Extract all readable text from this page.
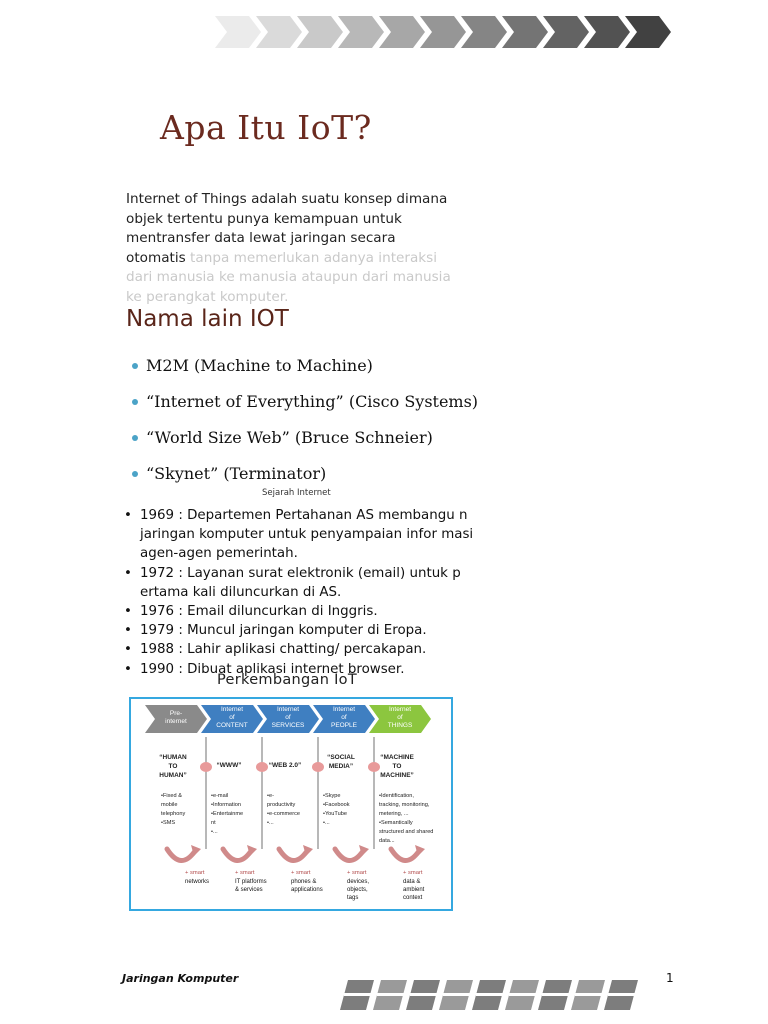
Apa Itu IoT?
Internet of Things adalah suatu konsep dimana objek tertentu punya kemampuan untuk mentransfer data lewat jaringan secara otomatis tanpa memerlukan adanya interaksi dari manusia ke manusia ataupun dari manusia ke perangkat komputer.
Nama lain IOT
M2M (Machine to Machine)
“Internet of Everything” (Cisco Systems)
“World Size Web” (Bruce Schneier)
“Skynet” (Terminator)
Sejarah Internet
• 1969 : Departemen Pertahanan AS membangu n jaringan komputer untuk penyampaian infor masi agen-agen pemerintah.
• 1972 : Layanan surat elektronik (email) untuk p ertama kali diluncurkan di AS.
• 1976 : Email diluncurkan di Inggris.
• 1979 : Muncul jaringan komputer di Eropa.
• 1988 : Lahir aplikasi chatting/ percakapan.
• 1990 : Dibuat aplikasi internet browser.
Perkembangan IoT
Pre-
internet
Internet
of
CONTENT
Internet
of
SERVICES
Internet
of
PEOPLE
Internet
of
THINGS
“HUMAN
TO
HUMAN”
“WWW”	“WEB 2.0”
“SOCIAL
MEDIA”
“MACHINE
TO
MACHINE”
•Fixed &
mobile
telephony
•SMS
•e-mail
•Information
•Entertainme
nt
•...
•e-
productivity
•e-commerce
•...
•Skype
•Facebook
•YouTube
•...
•Identification,
tracking, monitoring,
metering, ...
•Semantically
structured and shared
data...
+ smart
networks
+ smart
IT platforms
& services
+ smart
phones &
applications
+ smart
devices,
objects,
tags
+ smart
data &
ambient
context
Jaringan Komputer	1
